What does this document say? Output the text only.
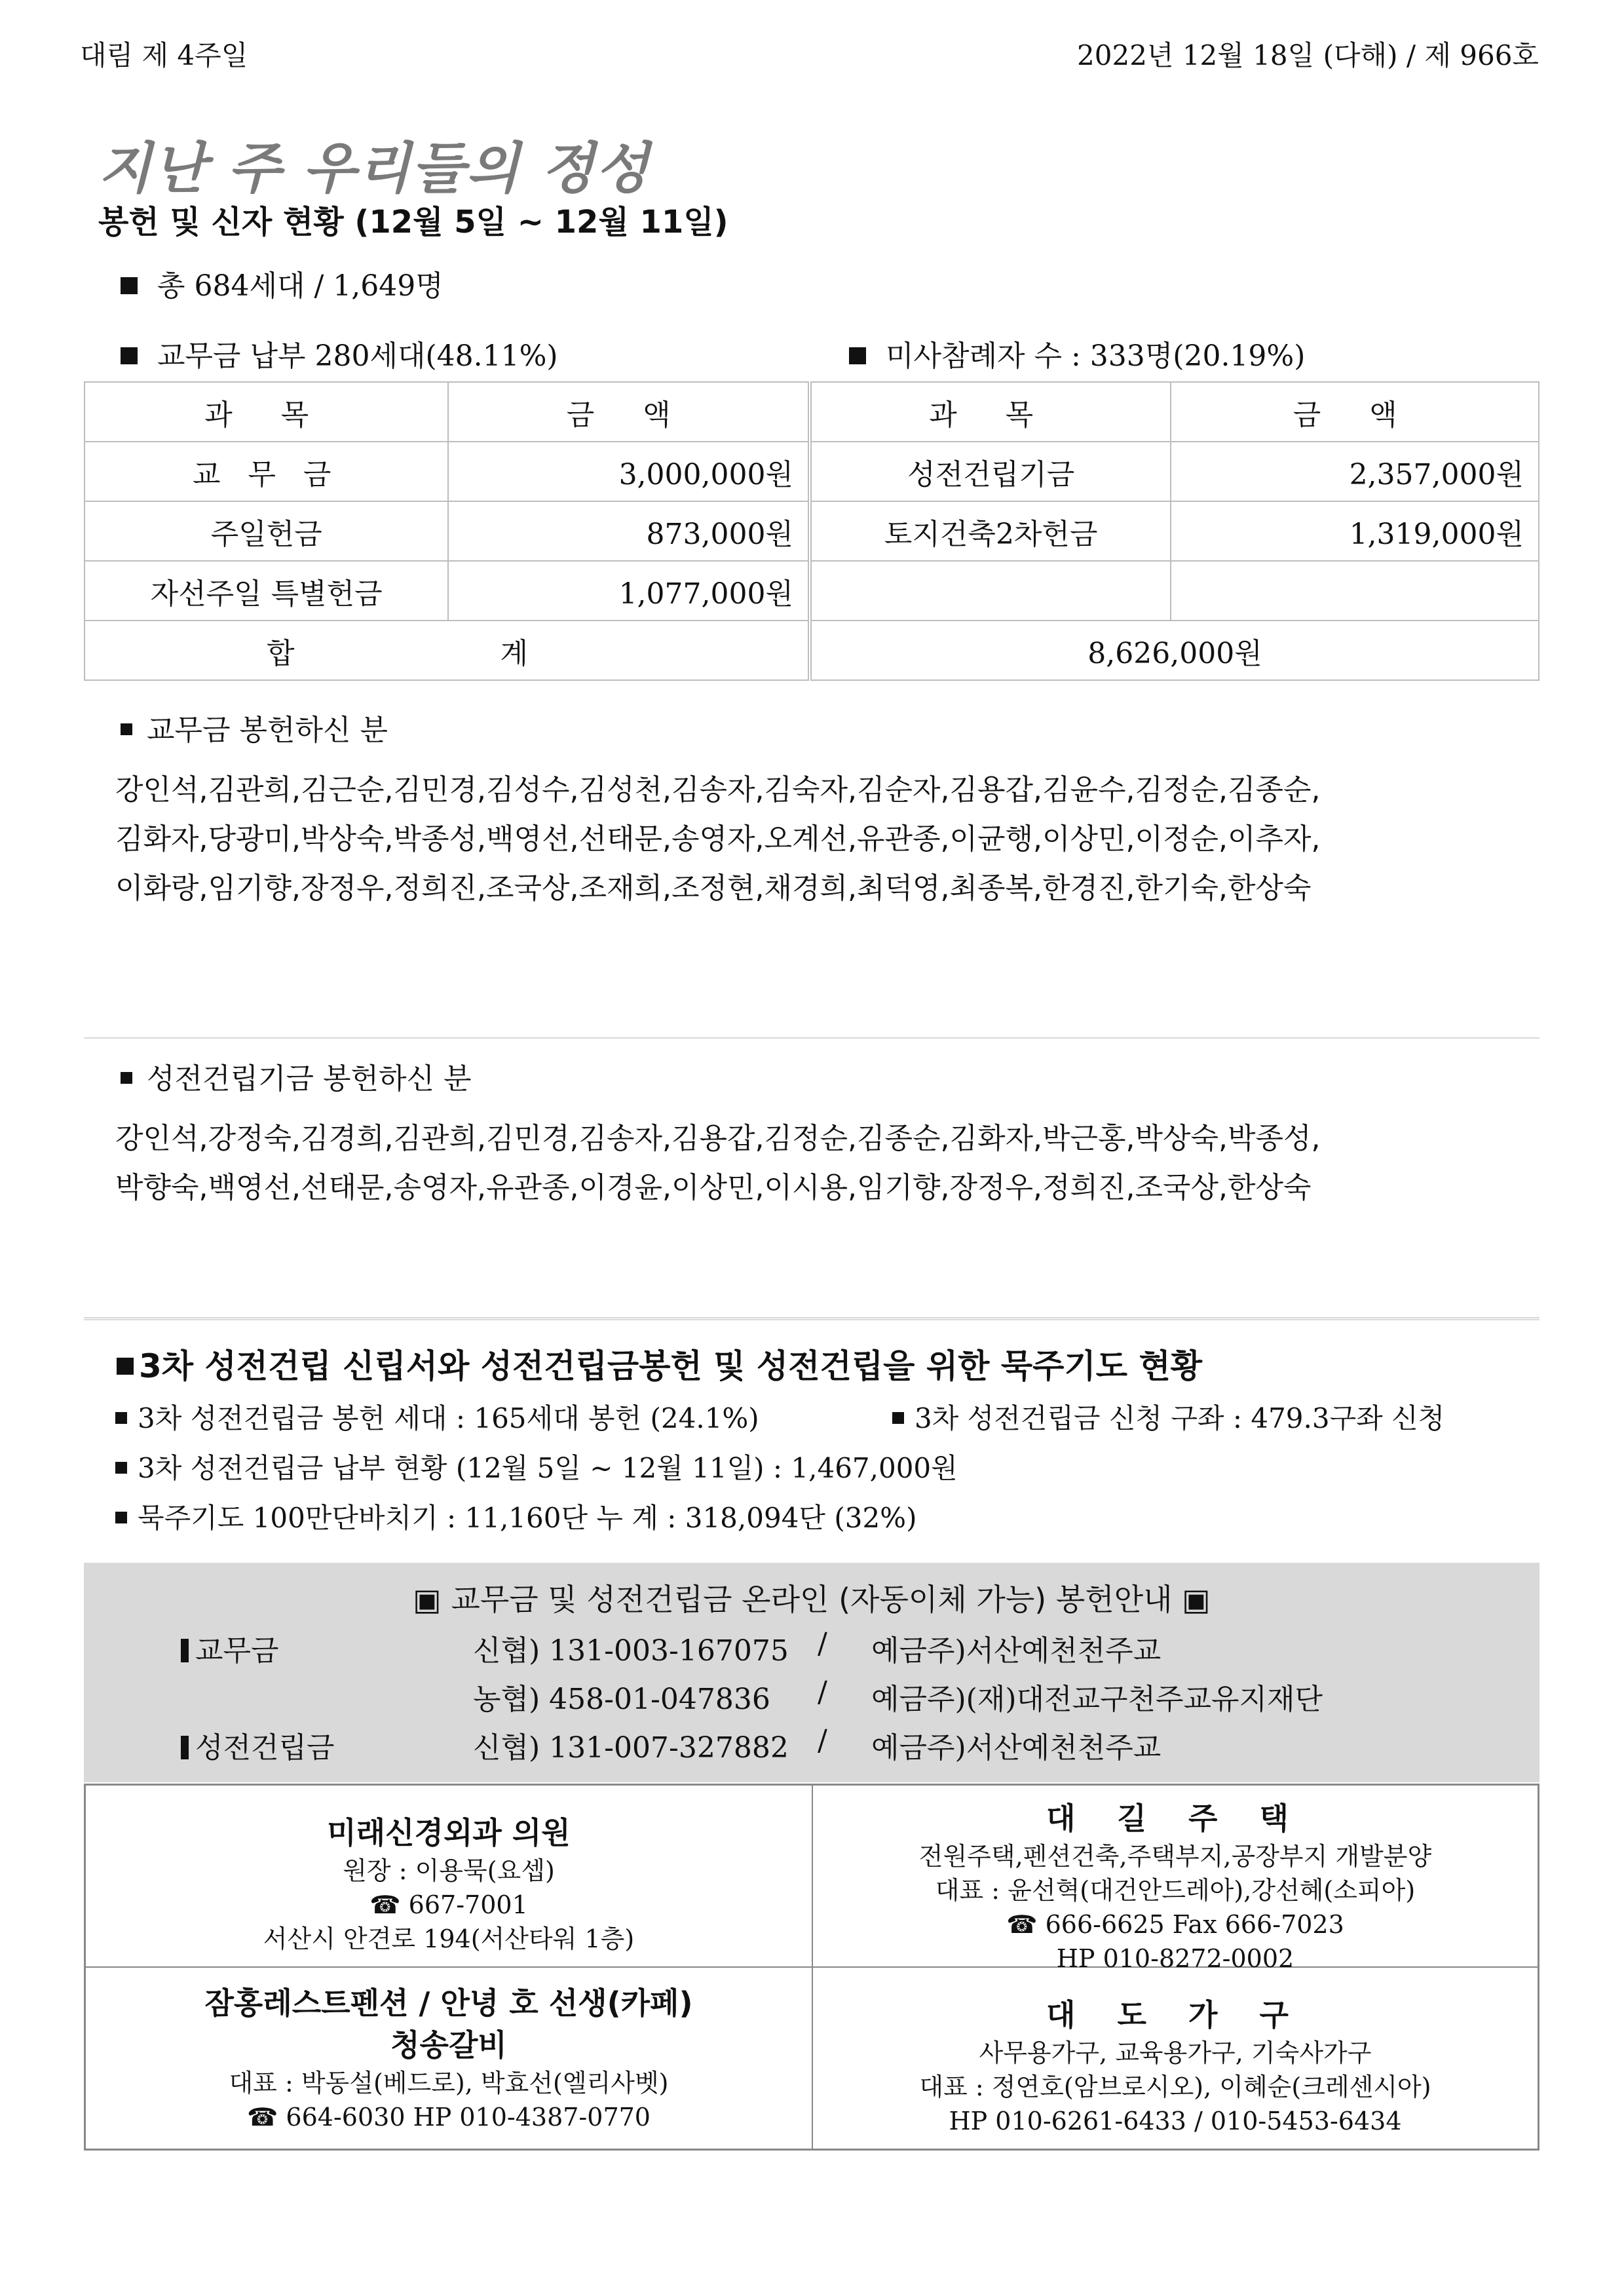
대림 제 4주일	2022년 12월 18일 (다해) / 제 966호
지난 주 우리들의 정성
봉헌 및 신자 현황 (12월 5일 ~ 12월 11일)
총 684세대 / 1,649명
교무금 납부 280세대(48.11%)	미사참례자 수 : 333명(20.19%)
과 목	금 액	과 목	금 액
교 무 금	3,000,000원	성전건립기금	2,357,000원
주일헌금	873,000원	토지건축2차헌금	1,319,000원
자선주일 특별헌금	1,077,000원		
합 계		8,626,000원	
교무금 봉헌하신 분
강인석,김관희,김근순,김민경,김성수,김성천,김송자,김숙자,김순자,김용갑,김윤수,김정순,김종순,
김화자,당광미,박상숙,박종성,백영선,선태문,송영자,오계선,유관종,이균행,이상민,이정순,이추자,
이화랑,임기향,장정우,정희진,조국상,조재희,조정현,채경희,최덕영,최종복,한경진,한기숙,한상숙
성전건립기금 봉헌하신 분
강인석,강정숙,김경희,김관희,김민경,김송자,김용갑,김정순,김종순,김화자,박근홍,박상숙,박종성,
박향숙,백영선,선태문,송영자,유관종,이경윤,이상민,이시용,임기향,장정우,정희진,조국상,한상숙
3차 성전건립 신립서와 성전건립금봉헌 및 성전건립을 위한 묵주기도 현황
3차 성전건립금 봉헌 세대 : 165세대 봉헌 (24.1%)	3차 성전건립금 신청 구좌 : 479.3구좌 신청
3차 성전건립금 납부 현황 (12월 5일 ~ 12월 11일) : 1,467,000원
묵주기도 100만단바치기 : 11,160단 누 계 : 318,094단 (32%)
▣ 교무금 및 성전건립금 온라인 (자동이체 가능) 봉헌안내 ▣
교무금	신협) 131-003-167075 / 예금주)서산예천천주교
농협) 458-01-047836 / 예금주)(재)대전교구천주교유지재단
성전건립금	신협) 131-007-327882 / 예금주)서산예천천주교
미래신경외과 의원
원장 : 이용묵(요셉)
☎ 667-7001
서산시 안견로 194(서산타워 1층)
대 길 주 택
전원주택,펜션건축,주택부지,공장부지 개발분양
대표 : 윤선혁(대건안드레아),강선혜(소피아)
☎ 666-6625 Fax 666-7023
HP 010-8272-0002
잠홍레스트펜션 / 안녕 호 선생(카페)
청송갈비
대표 : 박동설(베드로), 박효선(엘리사벳)
☎ 664-6030 HP 010-4387-0770
대 도 가 구
사무용가구, 교육용가구, 기숙사가구
대표 : 정연호(암브로시오), 이혜순(크레센시아)
HP 010-6261-6433 / 010-5453-6434
